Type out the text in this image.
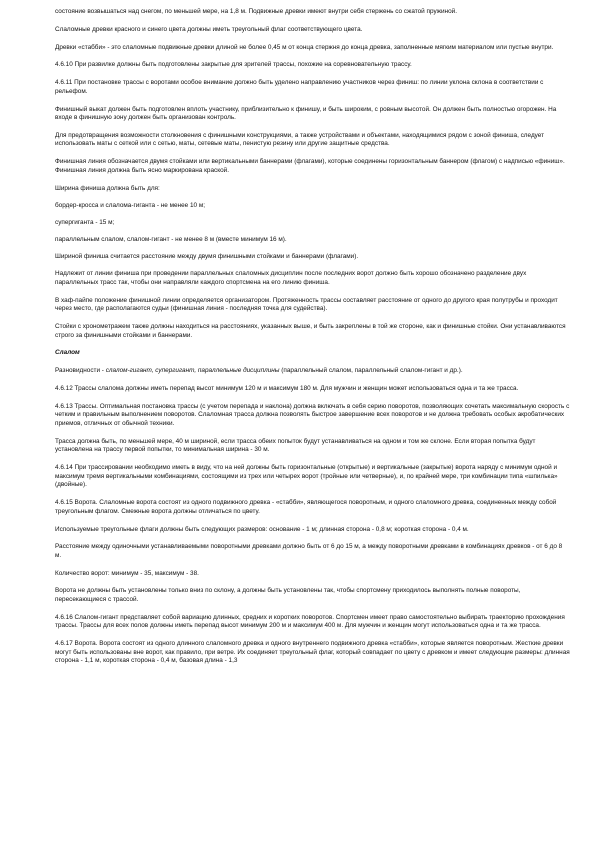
состояние возвышаться над снегом, по меньшей мере, на 1,8 м. Подвижные древки имеют внутри себя стержень со сжатой пружиной.

Слаломные древки красного и синего цвета должны иметь треугольный флаг соответствующего цвета.

Древки «стабби» - это слаломные подвижные древки длиной не более 0,45 м от конца стержня до конца древка, заполненные мягким материалом или пустые внутри.

4.6.10 При развилке должны быть подготовлены закрытые для зрителей трассы, похожие на соревновательную трассу.

4.6.11 При постановке трассы с воротами особое внимание должно быть уделено направлению участников через финиш: по линии уклона склона в соответствии с рельефом.

Финишный выкат должен быть подготовлен вплоть участнику, приблизительно к финишу, и быть широким, с ровным высотой. Он должен быть полностью огорожен. На входе в финишную зону должен быть организован контроль.

Для предотвращения возможности столкновения с финишными конструкциями, а также устройствами и объектами, находящимися рядом с зоной финиша, следует использовать маты с сеткой или с сетью, маты, сетевые маты, пенистую резину или другие защитные средства.

Финишная линия обозначается двумя стойками или вертикальными баннерами (флагами), которые соединены горизонтальным баннером (флагом) с надписью «финиш». Финишная линия должна быть ясно маркирована краской.

Ширина финиша должна быть для:

бордер-кросса и слалома-гиганта - не менее 10 м;

супергиганта - 15 м;

параллельным слалом, слалом-гигант - не менее 8 м (вместе минимум 16 м).

Шириной финиша считается расстояние между двумя финишными стойками и баннерами (флагами).

Надлежит от линии финиша при проведении параллельных слаломных дисциплин после последних ворот должно быть хорошо обозначено разделение двух параллельных трасс так, чтобы они направляли каждого спортсмена на его линию финиша.

В хаф-пайпе положение финишной линии определяется организатором. Протяженность трассы составляет расстояние от одного до другого края полутрубы и проходит через место, где располагаются судьи (финишная линия - последняя точка для судейства).

Стойки с хронометражем также должны находиться на расстояниях, указанных выше, и быть закреплены в той же стороне, как и финишные стойки. Они устанавливаются строго за финишными стойками и баннерами.

Слалом

Разновидности - слалом-гигант, супергигант, параллельные дисциплины (параллельный слалом, параллельный слалом-гигант и др.).

4.6.12 Трассы слалома должны иметь перепад высот минимум 120 м и максимум 180 м. Для мужчин и женщин может использоваться одна и та же трасса.

4.6.13 Трассы. Оптимальная постановка трассы (с учетом перепада и наклона) должна включать в себя серию поворотов, позволяющих сочетать максимальную скорость с четким и правильным выполнением поворотов. Слаломная трасса должна позволять быстрое завершение всех поворотов и не должна требовать особых акробатических приемов, отличных от обычной техники.

Трасса должна быть, по меньшей мере, 40 м шириной, если трасса обеих попыток будут устанавливаться на одном и том же склоне. Если вторая попытка будут установлена на трассу первой попытки, то минимальная ширина - 30 м.

4.6.14 При трассировании необходимо иметь в виду, что на ней должны быть горизонтальные (открытые) и вертикальные (закрытые) ворота наряду с минимум одной и максимум тремя вертикальными комбинациями, состоящими из трех или четырех ворот (тройные или четверные), и, по крайней мере, три комбинации типа «шпилька» (двойные).

4.6.15 Ворота. Слаломные ворота состоят из одного подвижного древка - «стабби», являющегося поворотным, и одного слаломного древка, соединенных между собой треугольным флагом. Смежные ворота должны отличаться по цвету.

Используемые треугольные флаги должны быть следующих размеров: основание - 1 м; длинная сторона - 0,8 м; короткая сторона - 0,4 м.

Расстояние между одиночными устанавливаемыми поворотными древками должно быть от 6 до 15 м, а между поворотными древками в комбинациях древков - от 6 до 8 м.

Количество ворот: минимум - 35, максимум - 38.

Ворота не должны быть установлены только вниз по склону, а должны быть установлены так, чтобы спортсмену приходилось выполнять полные повороты, пересекающиеся с трассой.

4.6.16 Слалом-гигант представляет собой вариацию длинных, средних и коротких поворотов. Спортсмен имеет право самостоятельно выбирать траекторию прохождения трассы. Трассы для всех полов должны иметь перепад высот минимум 200 м и максимум 400 м. Для мужчин и женщин могут использоваться одна и та же трасса.

4.6.17 Ворота. Ворота состоят из одного длинного слаломного древка и одного внутреннего подвижного древка «стабби», которые является поворотным. Жесткие древки могут быть использованы вне ворот, как правило, при ветре. Их соединяет треугольный флаг, который совпадает по цвету с древком и имеет следующие размеры: длинная сторона - 1,1 м, короткая сторона - 0,4 м, базовая длина - 1,3
